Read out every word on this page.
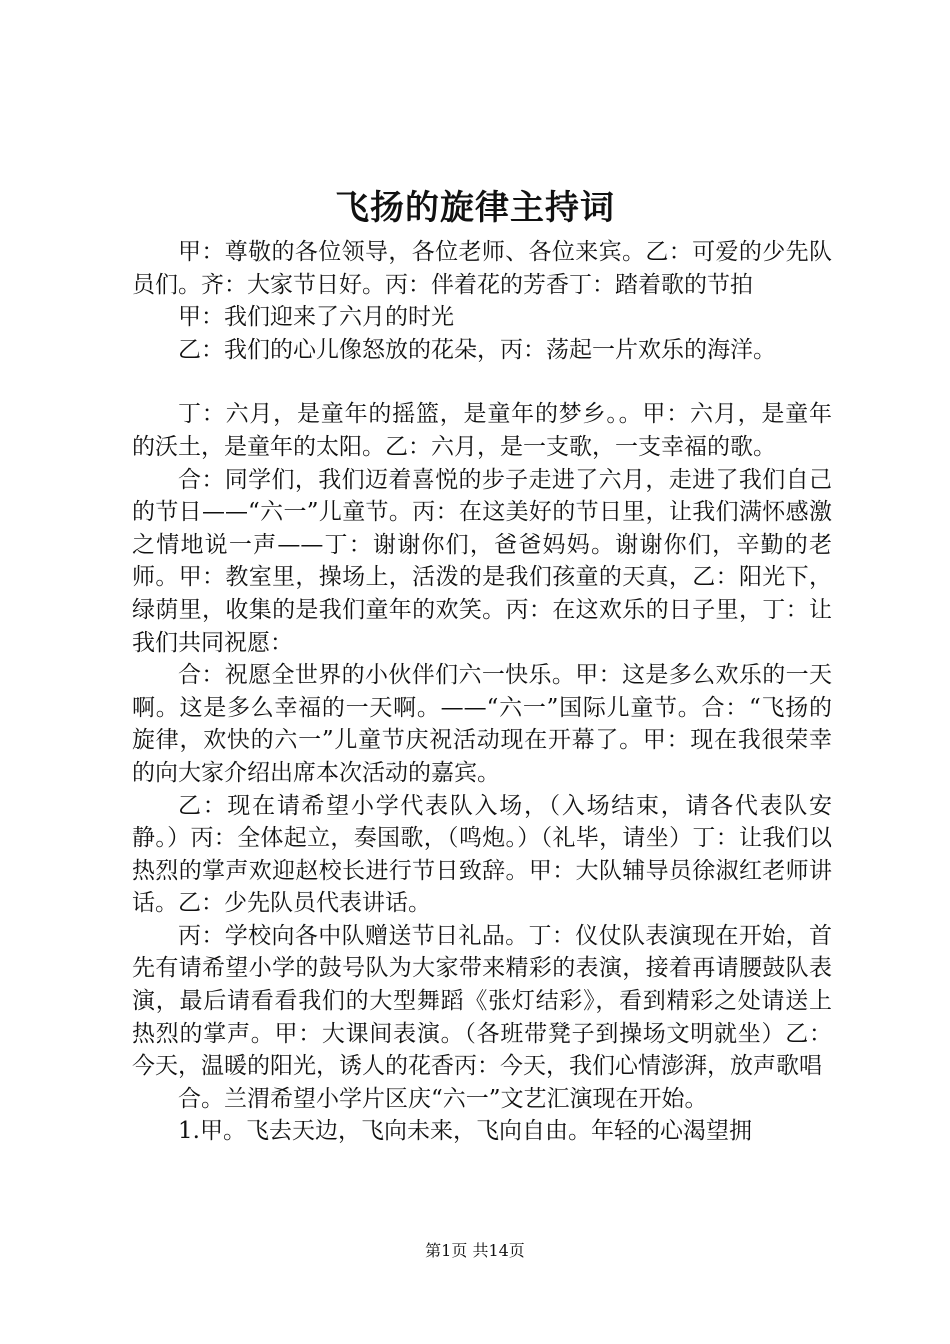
飞扬的旋律主持词

甲：尊敬的各位领导，各位老师、各位来宾。乙：可爱的少先队员们。齐：大家节日好。丙：伴着花的芳香丁：踏着歌的节拍

甲：我们迎来了六月的时光

乙：我们的心儿像怒放的花朵，丙：荡起一片欢乐的海洋。

丁：六月，是童年的摇篮，是童年的梦乡。。甲：六月，是童年的沃土，是童年的太阳。乙：六月，是一支歌，一支幸福的歌。

合：同学们，我们迈着喜悦的步子走进了六月，走进了我们自己的节日——“六一”儿童节。丙：在这美好的节日里，让我们满怀感激之情地说一声——丁：谢谢你们，爸爸妈妈。谢谢你们，辛勤的老师。甲：教室里，操场上，活泼的是我们孩童的天真，乙：阳光下，绿荫里，收集的是我们童年的欢笑。丙：在这欢乐的日子里，丁：让我们共同祝愿：

合：祝愿全世界的小伙伴们六一快乐。甲：这是多么欢乐的一天啊。这是多么幸福的一天啊。——“六一”国际儿童节。合：“飞扬的旋律，欢快的六一”儿童节庆祝活动现在开幕了。甲：现在我很荣幸的向大家介绍出席本次活动的嘉宾。

乙：现在请希望小学代表队入场，（入场结束，请各代表队安静。）丙：全体起立，奏国歌，（鸣炮。）（礼毕，请坐）丁：让我们以热烈的掌声欢迎赵校长进行节日致辞。甲：大队辅导员徐淑红老师讲话。乙：少先队员代表讲话。

丙：学校向各中队赠送节日礼品。丁：仪仗队表演现在开始，首先有请希望小学的鼓号队为大家带来精彩的表演，接着再请腰鼓队表演，最后请看看我们的大型舞蹈《张灯结彩》，看到精彩之处请送上热烈的掌声。甲：大课间表演。（各班带凳子到操场文明就坐）乙：今天，温暖的阳光，诱人的花香丙：今天，我们心情澎湃，放声歌唱

合。兰渭希望小学片区庆“六一”文艺汇演现在开始。

1.甲。飞去天边，飞向未来，飞向自由。年轻的心渴望拥

第1页 共14页
